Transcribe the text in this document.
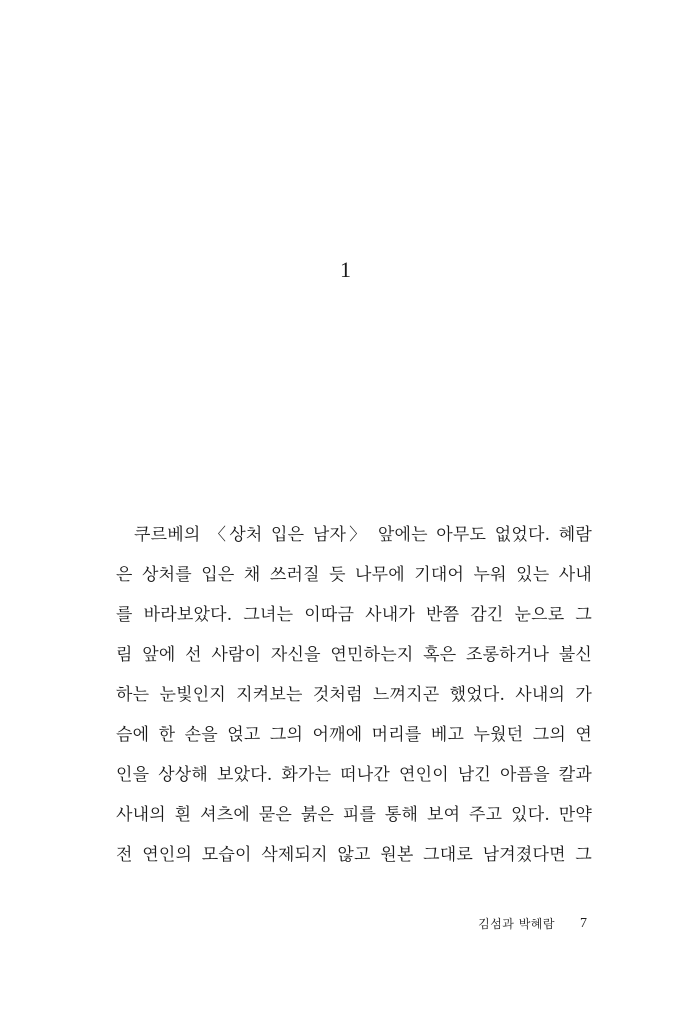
1
쿠르베의 〈상처 입은 남자〉 앞에는 아무도 없었다. 혜람
은 상처를 입은 채 쓰러질 듯 나무에 기대어 누워 있는 사내
를 바라보았다. 그녀는 이따금 사내가 반쯤 감긴 눈으로 그
림 앞에 선 사람이 자신을 연민하는지 혹은 조롱하거나 불신
하는 눈빛인지 지켜보는 것처럼 느껴지곤 했었다. 사내의 가
슴에 한 손을 얹고 그의 어깨에 머리를 베고 누웠던 그의 연
인을 상상해 보았다. 화가는 떠나간 연인이 남긴 아픔을 칼과
사내의 흰 셔츠에 묻은 붉은 피를 통해 보여 주고 있다. 만약
전 연인의 모습이 삭제되지 않고 원본 그대로 남겨졌다면 그
김섬과 박혜람 7
